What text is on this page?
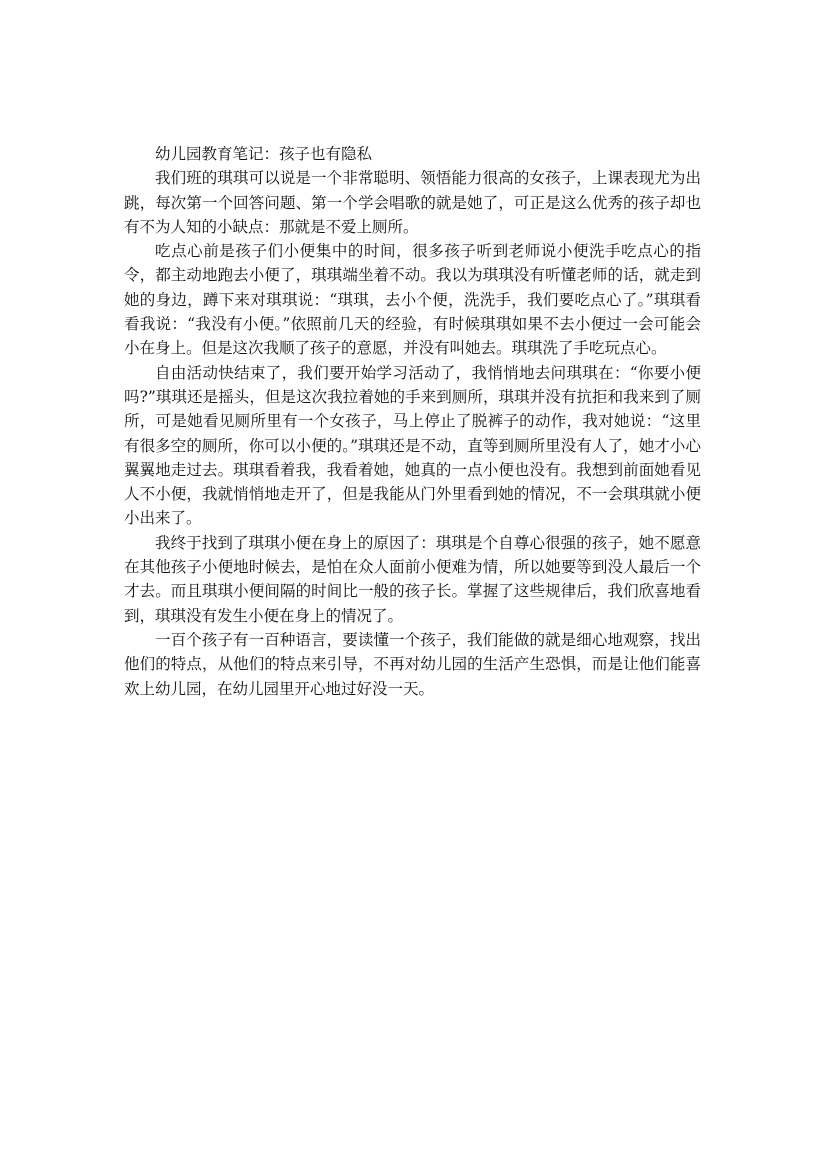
幼儿园教育笔记：孩子也有隐私

我们班的琪琪可以说是一个非常聪明、领悟能力很高的女孩子，上课表现尤为出跳，每次第一个回答问题、第一个学会唱歌的就是她了，可正是这么优秀的孩子却也有不为人知的小缺点：那就是不爱上厕所。

吃点心前是孩子们小便集中的时间，很多孩子听到老师说小便洗手吃点心的指令，都主动地跑去小便了，琪琪端坐着不动。我以为琪琪没有听懂老师的话，就走到她的身边，蹲下来对琪琪说：“琪琪，去小个便，洗洗手，我们要吃点心了。”琪琪看看我说：“我没有小便。”依照前几天的经验，有时候琪琪如果不去小便过一会可能会小在身上。但是这次我顺了孩子的意愿，并没有叫她去。琪琪洗了手吃玩点心。

自由活动快结束了，我们要开始学习活动了，我悄悄地去问琪琪在：“你要小便吗?”琪琪还是摇头，但是这次我拉着她的手来到厕所，琪琪并没有抗拒和我来到了厕所，可是她看见厕所里有一个女孩子，马上停止了脱裤子的动作，我对她说：“这里有很多空的厕所，你可以小便的。”琪琪还是不动，直等到厕所里没有人了，她才小心翼翼地走过去。琪琪看着我，我看着她，她真的一点小便也没有。我想到前面她看见人不小便，我就悄悄地走开了，但是我能从门外里看到她的情况，不一会琪琪就小便小出来了。

我终于找到了琪琪小便在身上的原因了：琪琪是个自尊心很强的孩子，她不愿意在其他孩子小便地时候去，是怕在众人面前小便难为情，所以她要等到没人最后一个才去。而且琪琪小便间隔的时间比一般的孩子长。掌握了这些规律后，我们欣喜地看到，琪琪没有发生小便在身上的情况了。

一百个孩子有一百种语言，要读懂一个孩子，我们能做的就是细心地观察，找出他们的特点，从他们的特点来引导，不再对幼儿园的生活产生恐惧，而是让他们能喜欢上幼儿园，在幼儿园里开心地过好没一天。
